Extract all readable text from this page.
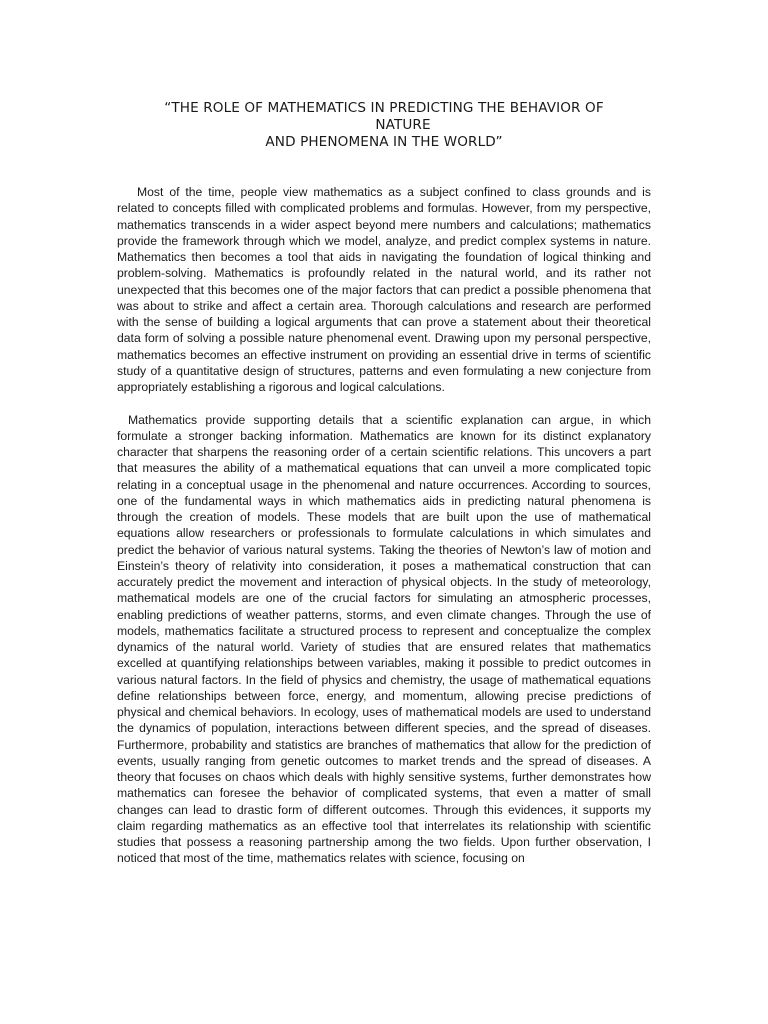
“THE ROLE OF MATHEMATICS IN PREDICTING THE BEHAVIOR OF
NATURE
AND PHENOMENA IN THE WORLD”

Most of the time, people view mathematics as a subject confined to class grounds and is related to concepts filled with complicated problems and formulas. However, from my perspective, mathematics transcends in a wider aspect beyond mere numbers and calculations; mathematics provide the framework through which we model, analyze, and predict complex systems in nature. Mathematics then becomes a tool that aids in navigating the foundation of logical thinking and problem-solving. Mathematics is profoundly related in the natural world, and its rather not unexpected that this becomes one of the major factors that can predict a possible phenomena that was about to strike and affect a certain area. Thorough calculations and research are performed with the sense of building a logical arguments that can prove a statement about their theoretical data form of solving a possible nature phenomenal event. Drawing upon my personal perspective, mathematics becomes an effective instrument on providing an essential drive in terms of scientific study of a quantitative design of structures, patterns and even formulating a new conjecture from appropriately establishing a rigorous and logical calculations.

Mathematics provide supporting details that a scientific explanation can argue, in which formulate a stronger backing information. Mathematics are known for its distinct explanatory character that sharpens the reasoning order of a certain scientific relations. This uncovers a part that measures the ability of a mathematical equations that can unveil a more complicated topic relating in a conceptual usage in the phenomenal and nature occurrences. According to sources, one of the fundamental ways in which mathematics aids in predicting natural phenomena is through the creation of models. These models that are built upon the use of mathematical equations allow researchers or professionals to formulate calculations in which simulates and predict the behavior of various natural systems. Taking the theories of Newton’s law of motion and Einstein’s theory of relativity into consideration, it poses a mathematical construction that can accurately predict the movement and interaction of physical objects. In the study of meteorology, mathematical models are one of the crucial factors for simulating an atmospheric processes, enabling predictions of weather patterns, storms, and even climate changes. Through the use of models, mathematics facilitate a structured process to represent and conceptualize the complex dynamics of the natural world. Variety of studies that are ensured relates that mathematics excelled at quantifying relationships between variables, making it possible to predict outcomes in various natural factors. In the field of physics and chemistry, the usage of mathematical equations define relationships between force, energy, and momentum, allowing precise predictions of physical and chemical behaviors. In ecology, uses of mathematical models are used to understand the dynamics of population, interactions between different species, and the spread of diseases. Furthermore, probability and statistics are branches of mathematics that allow for the prediction of events, usually ranging from genetic outcomes to market trends and the spread of diseases. A theory that focuses on chaos which deals with highly sensitive systems, further demonstrates how mathematics can foresee the behavior of complicated systems, that even a matter of small changes can lead to drastic form of different outcomes. Through this evidences, it supports my claim regarding mathematics as an effective tool that interrelates its relationship with scientific studies that possess a reasoning partnership among the two fields. Upon further observation, I noticed that most of the time, mathematics relates with science, focusing on
